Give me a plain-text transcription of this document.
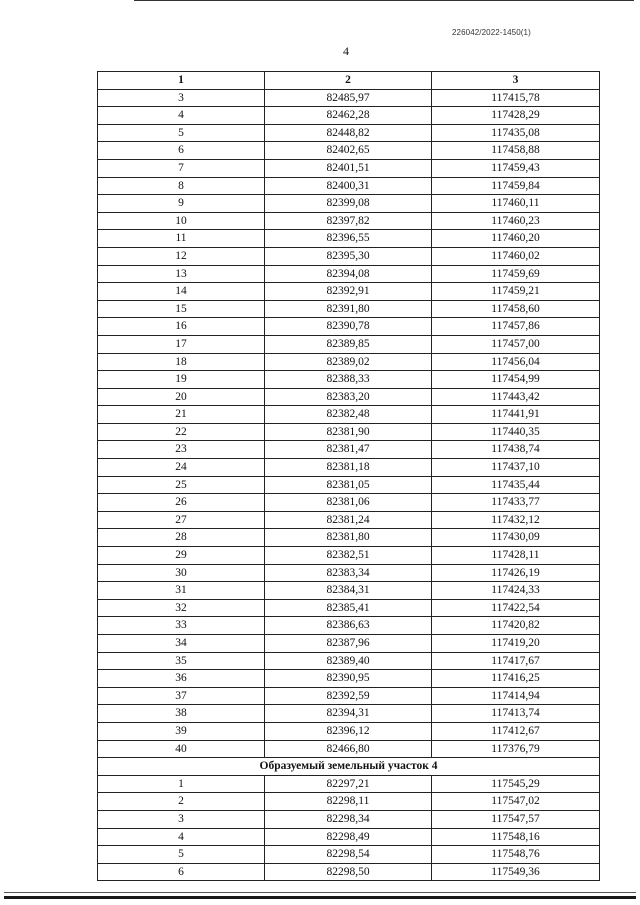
226042/2022-1450(1)
4
1	2	3
3	82485,97	117415,78
4	82462,28	117428,29
5	82448,82	117435,08
6	82402,65	117458,88
7	82401,51	117459,43
8	82400,31	117459,84
9	82399,08	117460,11
10	82397,82	117460,23
11	82396,55	117460,20
12	82395,30	117460,02
13	82394,08	117459,69
14	82392,91	117459,21
15	82391,80	117458,60
16	82390,78	117457,86
17	82389,85	117457,00
18	82389,02	117456,04
19	82388,33	117454,99
20	82383,20	117443,42
21	82382,48	117441,91
22	82381,90	117440,35
23	82381,47	117438,74
24	82381,18	117437,10
25	82381,05	117435,44
26	82381,06	117433,77
27	82381,24	117432,12
28	82381,80	117430,09
29	82382,51	117428,11
30	82383,34	117426,19
31	82384,31	117424,33
32	82385,41	117422,54
33	82386,63	117420,82
34	82387,96	117419,20
35	82389,40	117417,67
36	82390,95	117416,25
37	82392,59	117414,94
38	82394,31	117413,74
39	82396,12	117412,67
40	82466,80	117376,79
Образуемый земельный участок 4		
1	82297,21	117545,29
2	82298,11	117547,02
3	82298,34	117547,57
4	82298,49	117548,16
5	82298,54	117548,76
6	82298,50	117549,36
